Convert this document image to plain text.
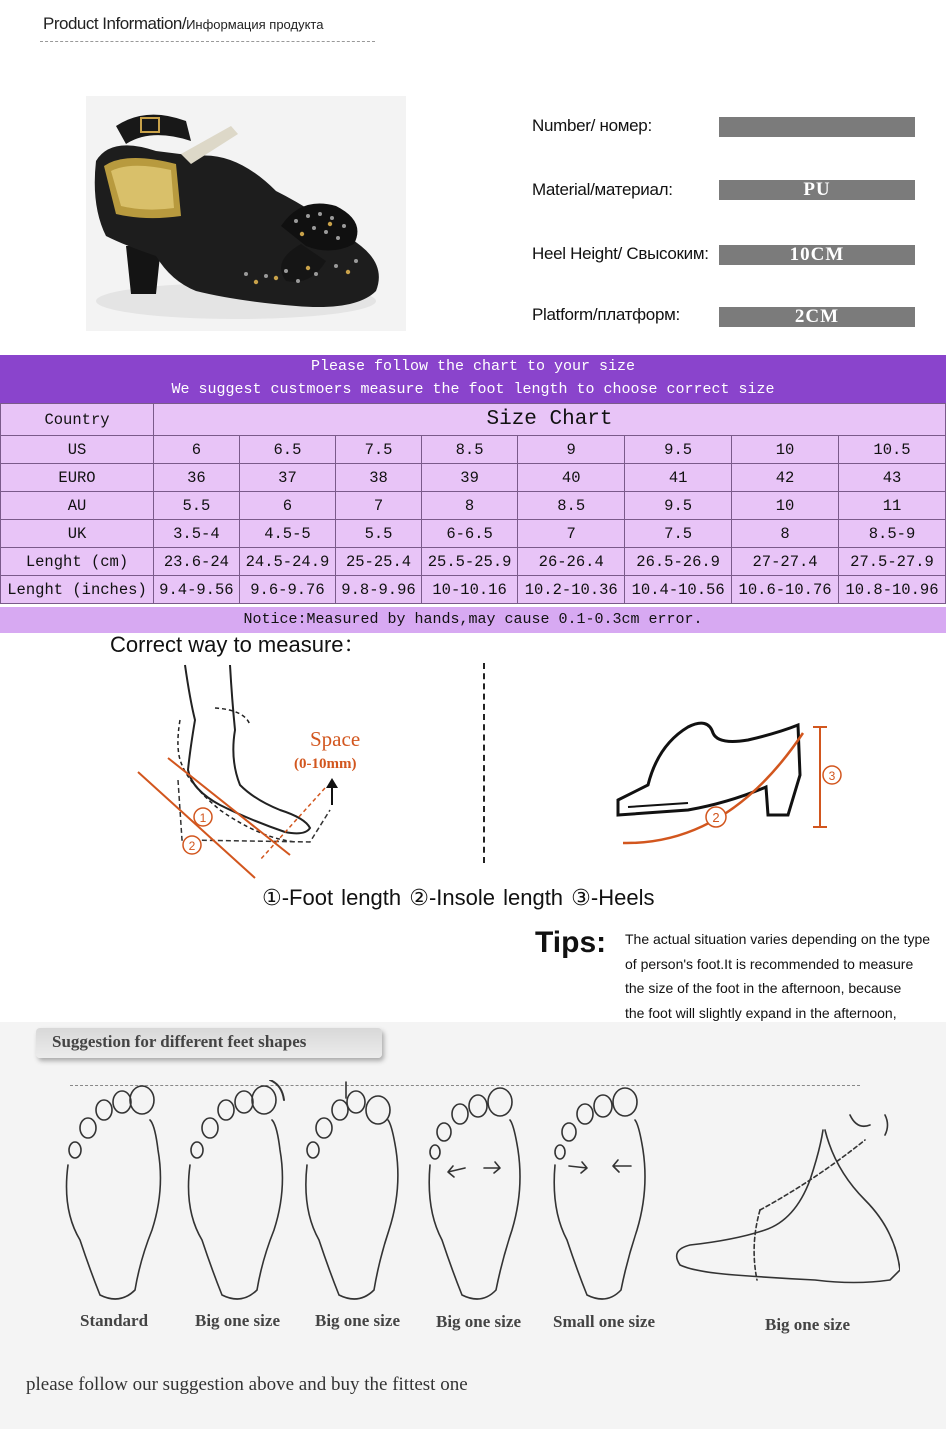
Product Information/Информация продукта
Number/ номер:
Material/материал:	PU
Heel Height/ Свысоким:	10CM
Platform/платформ:	2CM
Please follow the chart to your size
We suggest custmoers measure the foot length to choose correct size
Country	Size Chart							
US	6	6.5	7.5	8.5	9	9.5	10	10.5
EURO	36	37	38	39	40	41	42	43
AU	5.5	6	7	8	8.5	9.5	10	11
UK	3.5-4	4.5-5	5.5	6-6.5	7	7.5	8	8.5-9
Lenght (cm)	23.6-24	24.5-24.9	25-25.4	25.5-25.9	26-26.4	26.5-26.9	27-27.4	27.5-27.9
Lenght (inches)	9.4-9.56	9.6-9.76	9.8-9.96	10-10.16	10.2-10.36	10.4-10.56	10.6-10.76	10.8-10.96
Notice:Measured by hands,may cause 0.1-0.3cm error.
Correct way to measure：
1
2
Space
(0-10mm)
2
3
①-Foot length ②-Insole length ③-Heels
Tips: The actual situation varies depending on the type
of person's foot.It is recommended to measure
the size of the foot in the afternoon, because
the foot will slightly expand in the afternoon,
Suggestion for different feet shapes
Standard	Big one size Big one size Big one size Small one size	Big one size
please follow our suggestion above and buy the fittest one
